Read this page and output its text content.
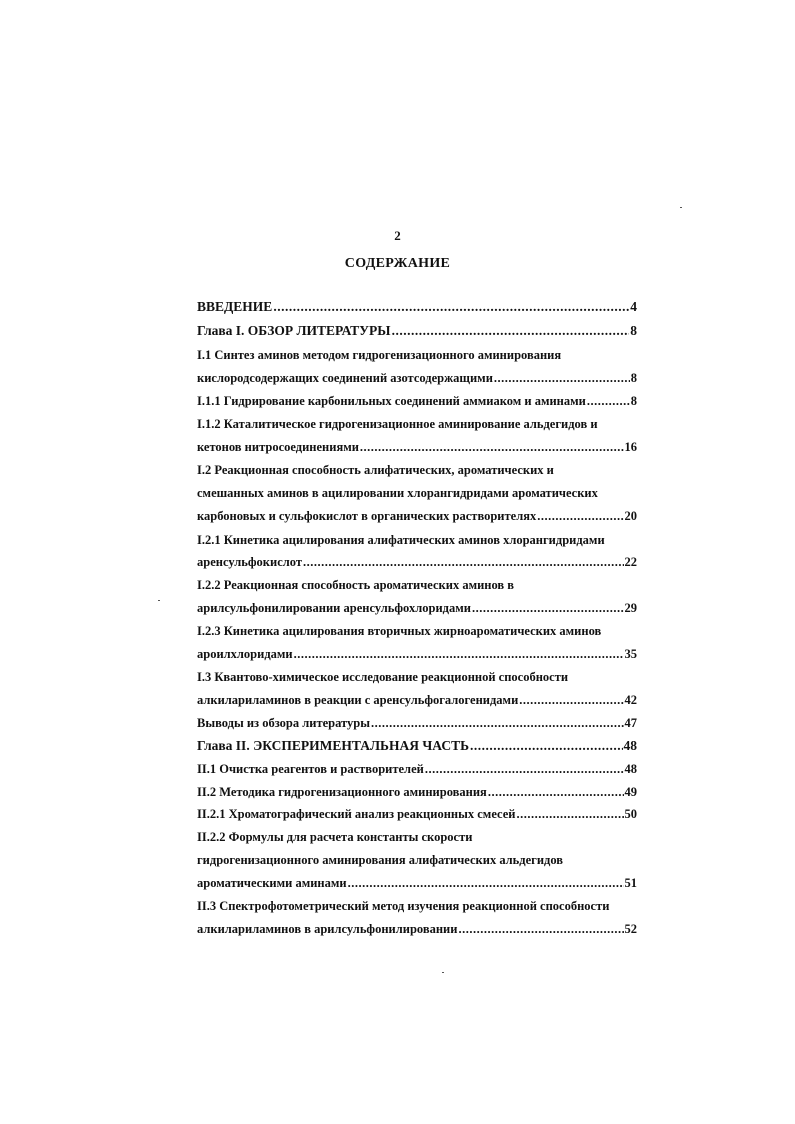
2
СОДЕРЖАНИЕ
ВВЕДЕНИЕ .....	4
Глава I. ОБЗОР ЛИТЕРАТУРЫ .....	8
I.1 Синтез аминов методом гидрогенизационного аминирования
кислородсодержащих соединений азотсодержащими .....	8
I.1.1 Гидрирование карбонильных соединений аммиаком и аминами .....	8
I.1.2 Каталитическое гидрогенизационное аминирование альдегидов и
кетонов нитросоединениями .....	16
I.2 Реакционная способность алифатических, ароматических и
смешанных аминов в ацилировании хлорангидридами ароматических
карбоновых и сульфокислот в органических растворителях .....	20
I.2.1 Кинетика ацилирования алифатических аминов хлорангидридами
аренсульфокислот .....	22
I.2.2 Реакционная способность ароматических аминов в
арилсульфонилировании аренсульфохлоридами .....	29
I.2.3 Кинетика ацилирования вторичных жирноароматических аминов
ароилхлоридами .....	35
I.3 Квантово-химическое исследование реакционной способности
алкилариламинов в реакции с аренсульфогалогенидами .....	42
Выводы из обзора литературы .....	47
Глава II. ЭКСПЕРИМЕНТАЛЬНАЯ ЧАСТЬ .....	48
II.1 Очистка реагентов и растворителей .....	48
II.2 Методика гидрогенизационного аминирования .....	49
II.2.1 Хроматографический анализ реакционных смесей .....	50
II.2.2 Формулы для расчета константы скорости
гидрогенизационного аминирования алифатических альдегидов
ароматическими аминами .....	51
II.3 Спектрофотометрический метод изучения реакционной способности
алкилариламинов в арилсульфонилировании .....	52
